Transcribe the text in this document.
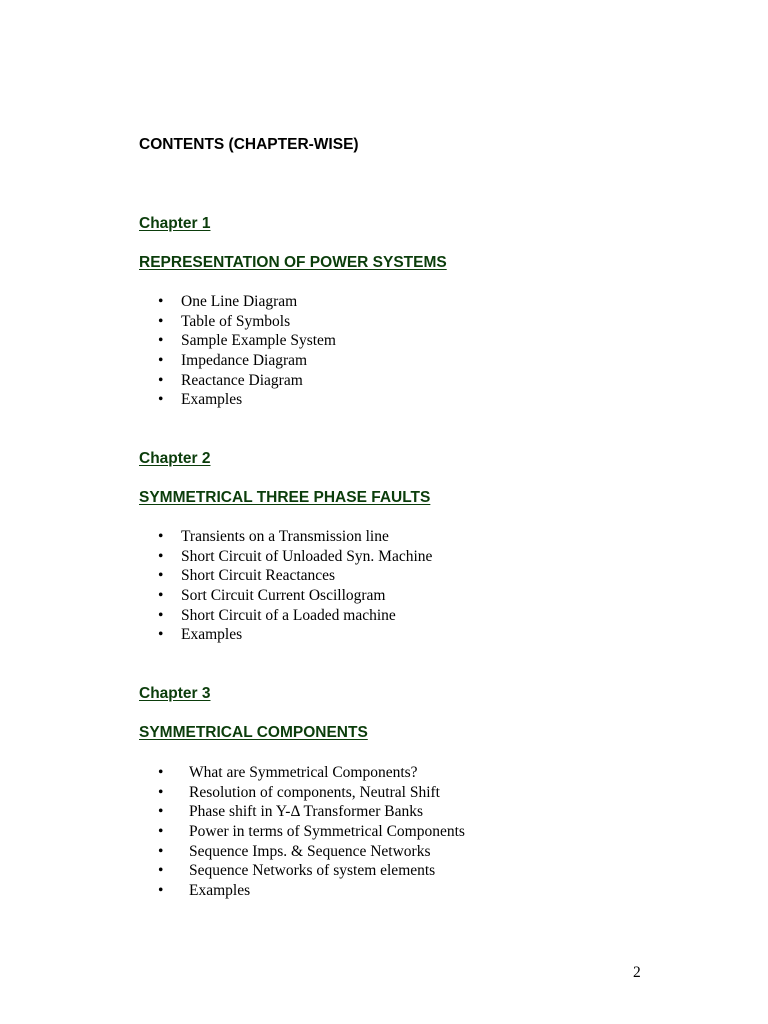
CONTENTS (CHAPTER-WISE)
Chapter 1
REPRESENTATION OF POWER SYSTEMS
• One Line Diagram
• Table of Symbols
• Sample Example System
• Impedance Diagram
• Reactance Diagram
• Examples
Chapter 2
SYMMETRICAL THREE PHASE FAULTS
• Transients on a Transmission line
• Short Circuit of Unloaded Syn. Machine
• Short Circuit Reactances
• Sort Circuit Current Oscillogram
• Short Circuit of a Loaded machine
• Examples
Chapter 3
SYMMETRICAL COMPONENTS
• What are Symmetrical Components?
• Resolution of components, Neutral Shift
• Phase shift in Y-Δ Transformer Banks
• Power in terms of Symmetrical Components
• Sequence Imps. & Sequence Networks
• Sequence Networks of system elements
• Examples
2
